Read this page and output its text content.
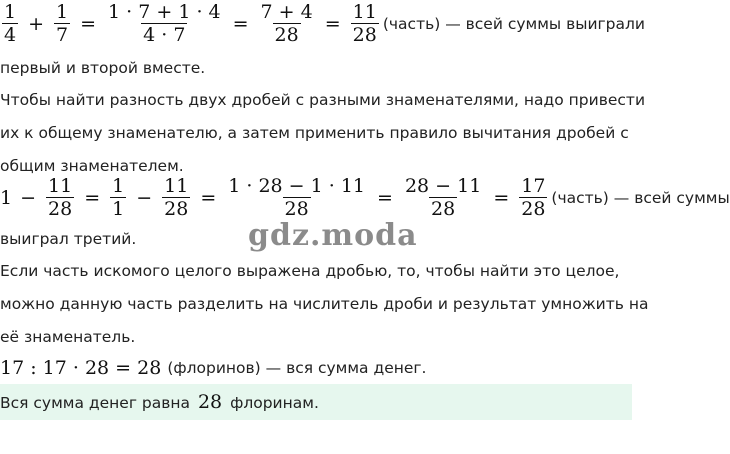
$\frac{1}{4} + \frac{1}{7} = \frac{1 \cdot 7 + 1 \cdot 4}{4 \cdot 7} = \frac{7 + 4}{28} = \frac{11}{28}$ (часть) — всей суммы выиграли
первый и второй вместе.
Чтобы найти разность двух дробей с разными знаменателями, надо привести
их к общему знаменателю, а затем применить правило вычитания дробей с
общим знаменателем.
$1 - \frac{11}{28} = \frac{1}{1} - \frac{11}{28} = \frac{1 \cdot 28 - 1 \cdot 11}{28} = \frac{28 - 11}{28} = \frac{17}{28}$ (часть) — всей суммы
выиграл третий.	gdz.moda
Если часть искомого целого выражена дробью, то, чтобы найти это целое,
можно данную часть разделить на числитель дроби и результат умножить на
её знаменатель.
17 : 17 · 28 = 28 (флоринов) — вся сумма денег.
Вся сумма денег равна 28 флоринам.
